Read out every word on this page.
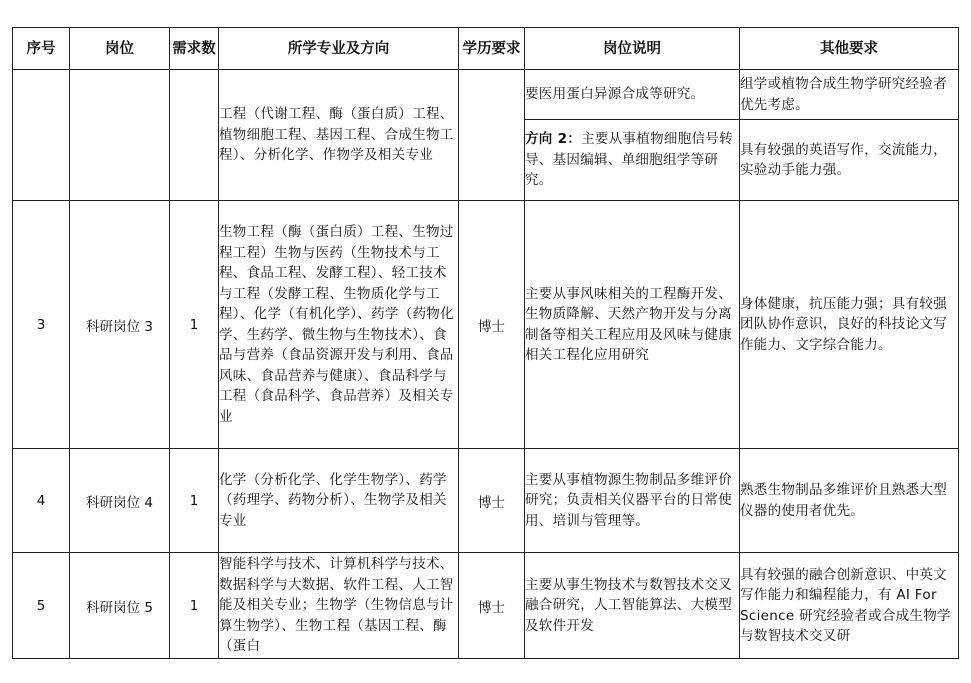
序号	岗位	需求数	所学专业及方向	学历要求	岗位说明	其他要求
			工程（代谢工程、酶（蛋白质）工程、植物细胞工程、基因工程、合成生物工程）、分析化学、作物学及相关专业		要医用蛋白异源合成等研究。	组学或植物合成生物学研究经验者优先考虑。
					方向 2：主要从事植物细胞信号转导、基因编辑、单细胞组学等研究。	具有较强的英语写作，交流能力，实验动手能力强。
3	科研岗位 3	1	生物工程（酶（蛋白质）工程、生物过程工程）生物与医药（生物技术与工程、食品工程、发酵工程）、轻工技术与工程（发酵工程、生物质化学与工程）、化学（有机化学）、药学（药物化学、生药学、微生物与生物技术）、食品与营养（食品资源开发与利用、食品风味、食品营养与健康）、食品科学与工程（食品科学、食品营养）及相关专业	博士	主要从事风味相关的工程酶开发、生物质降解、天然产物开发与分离制备等相关工程应用及风味与健康相关工程化应用研究	身体健康，抗压能力强；具有较强团队协作意识，良好的科技论文写作能力、文字综合能力。
4	科研岗位 4	1	化学（分析化学、化学生物学）、药学（药理学、药物分析）、生物学及相关专业	博士	主要从事植物源生物制品多维评价研究；负责相关仪器平台的日常使用、培训与管理等。	熟悉生物制品多维评价且熟悉大型仪器的使用者优先。
5	科研岗位 5	1	智能科学与技术、计算机科学与技术、数据科学与大数据、软件工程、人工智能及相关专业；生物学（生物信息与计算生物学）、生物工程（基因工程、酶（蛋白	博士	主要从事生物技术与数智技术交叉融合研究，人工智能算法、大模型及软件开发	具有较强的融合创新意识、中英文写作能力和编程能力，有 AI For Science 研究经验者或合成生物学与数智技术交叉研
